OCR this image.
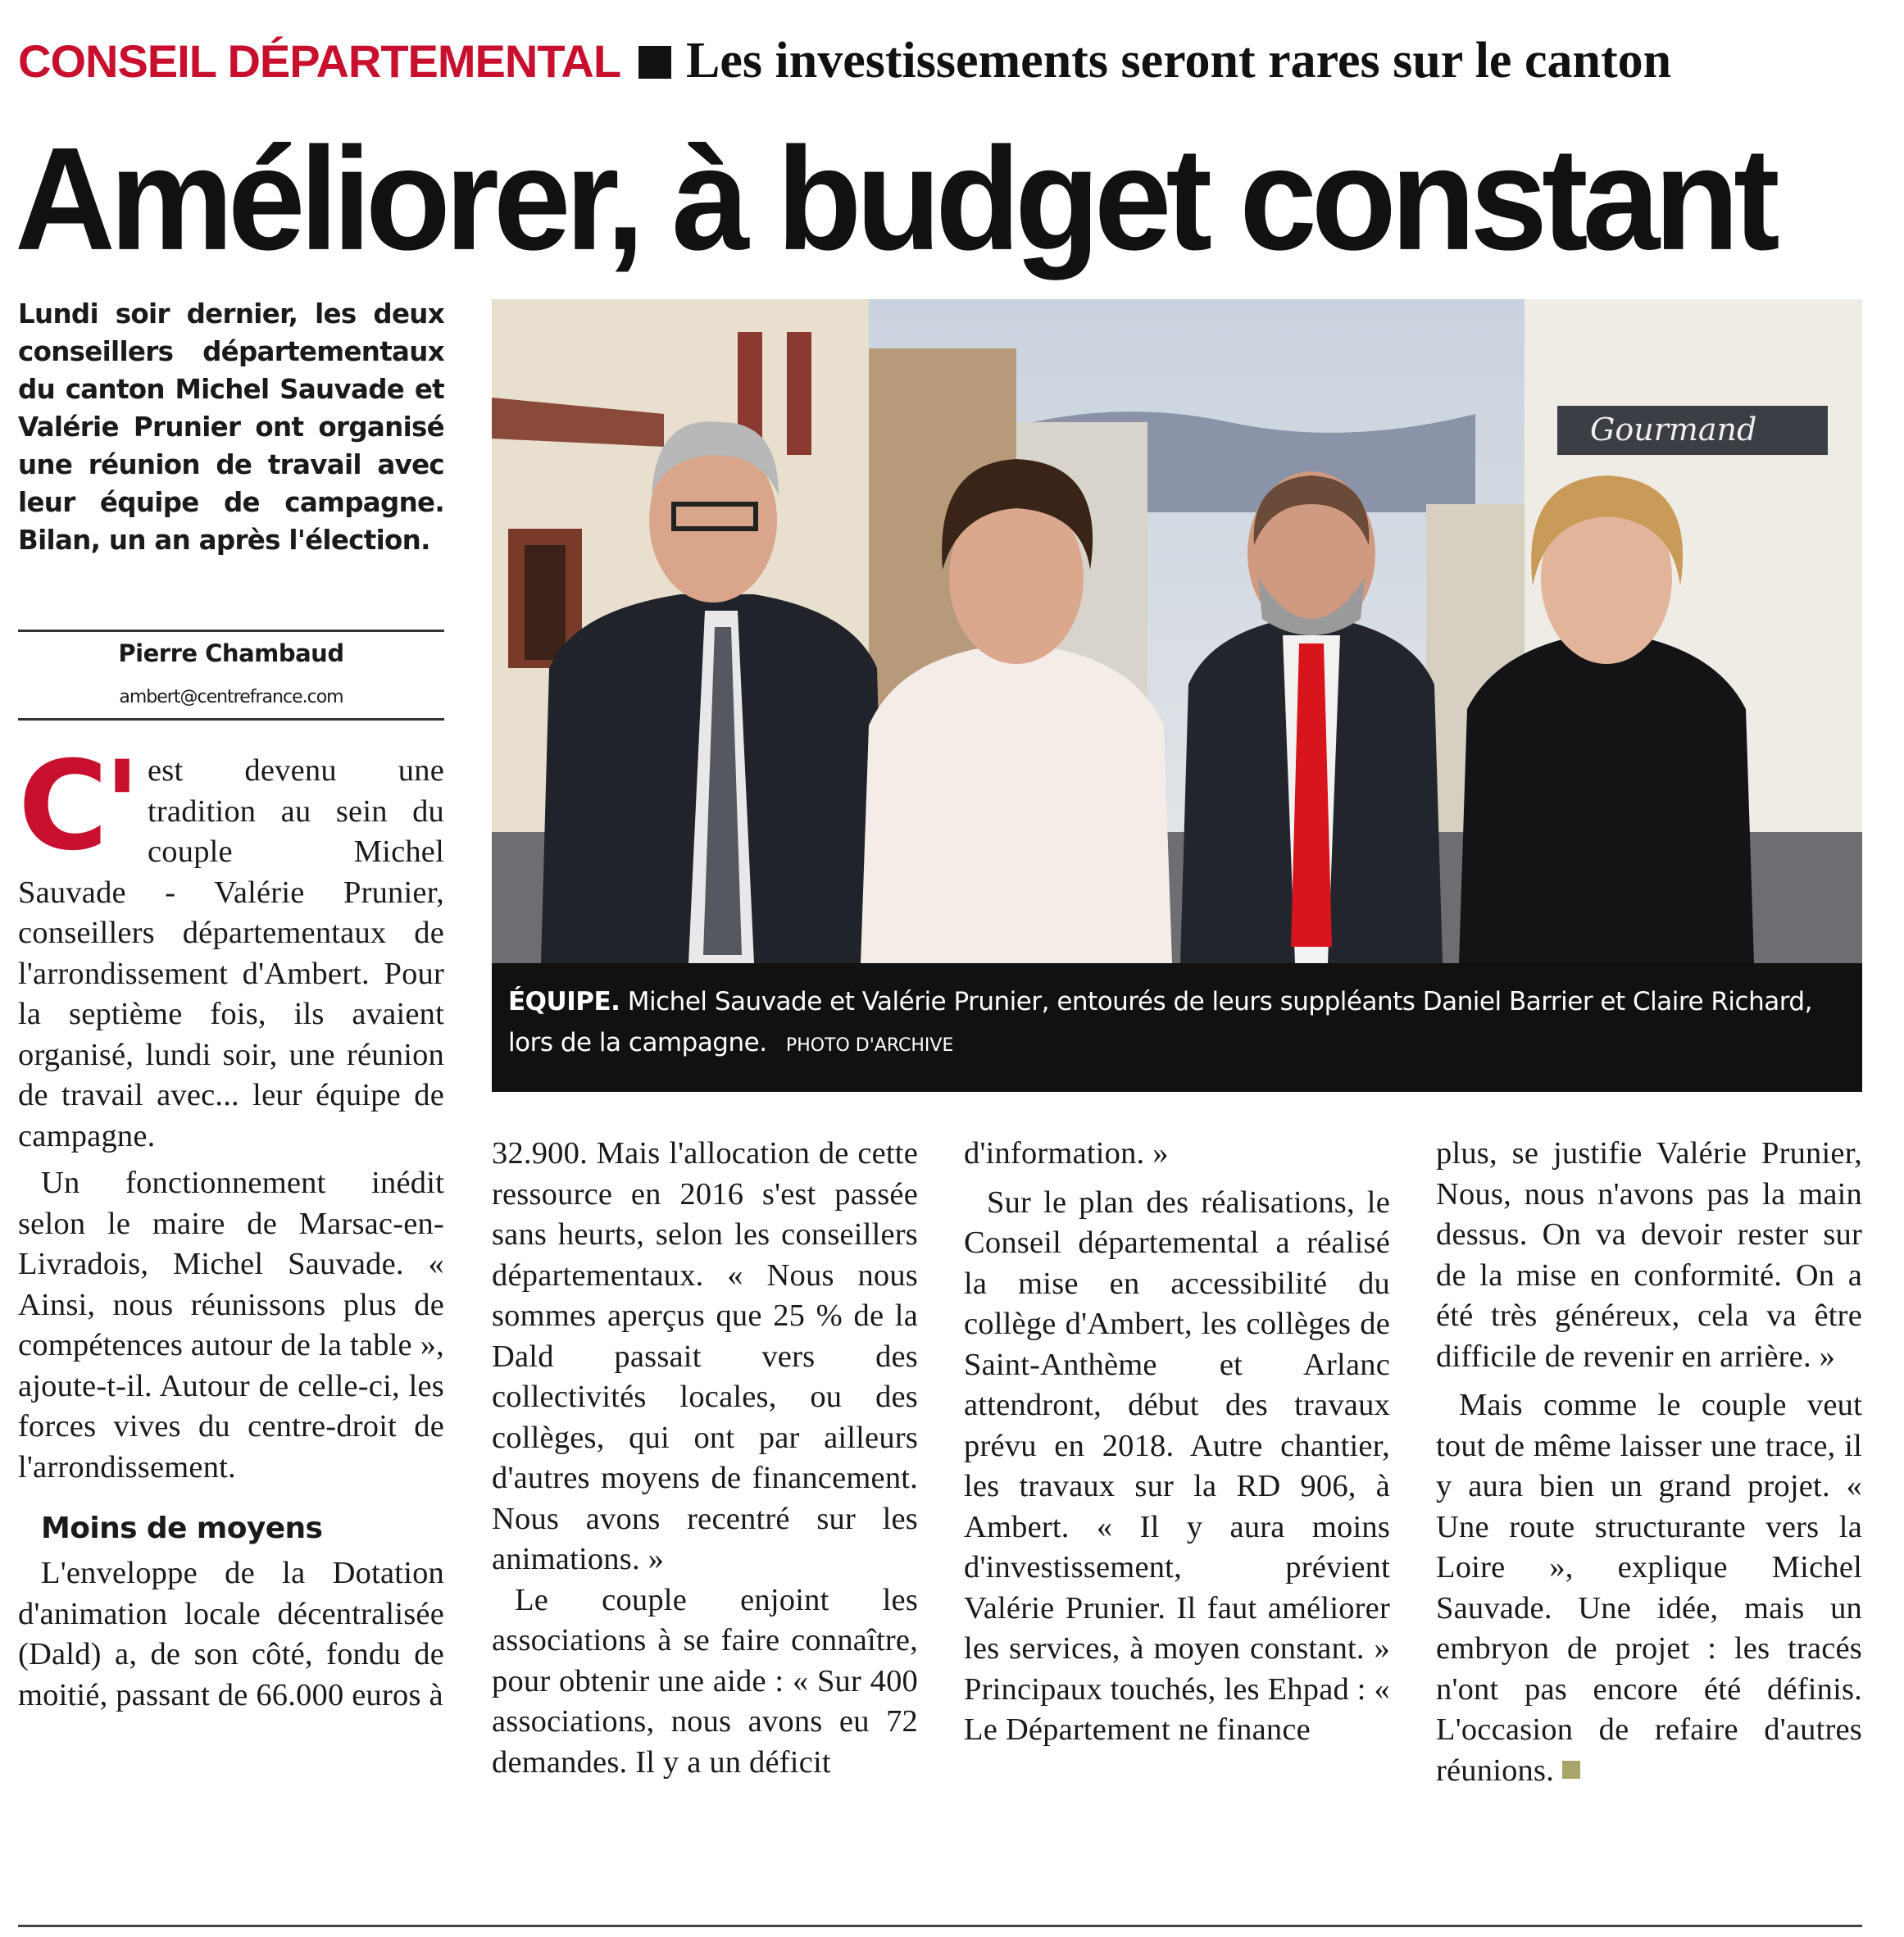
CONSEIL DÉPARTEMENTAL Les investissements seront rares sur le canton
Améliorer, à budget constant

Lundi soir dernier, les deux conseillers départementaux du canton Michel Sauvade et Valérie Prunier ont organisé une réunion de travail avec leur équipe de campagne. Bilan, un an après l'élection.

Pierre Chambaud
ambert@centrefrance.com
Gourmand
ÉQUIPE. Michel Sauvade et Valérie Prunier, entourés de leurs suppléants Daniel Barrier et Claire Richard, lors de la campagne. PHOTO D'ARCHIVE

C' est devenu une tradition au sein du couple Michel Sauvade - Valérie Prunier, conseillers départementaux de l'arrondissement d'Ambert. Pour la septième fois, ils avaient organisé, lundi soir, une réunion de travail avec... leur équipe de campagne.

Un fonctionnement inédit selon le maire de Marsac-en-Livradois, Michel Sauvade. « Ainsi, nous réunissons plus de compétences autour de la table », ajoute-t-il. Autour de celle-ci, les forces vives du centre-droit de l'arrondissement.

Moins de moyens

L'enveloppe de la Dotation d'animation locale décentralisée (Dald) a, de son côté, fondu de moitié, passant de 66.000 euros à

32.900. Mais l'allocation de cette ressource en 2016 s'est passée sans heurts, selon les conseillers départementaux. « Nous nous sommes aperçus que 25 % de la Dald passait vers des collectivités locales, ou des collèges, qui ont par ailleurs d'autres moyens de financement. Nous avons recentré sur les animations. »

Le couple enjoint les associations à se faire connaître, pour obtenir une aide : « Sur 400 associations, nous avons eu 72 demandes. Il y a un déficit

d'information. »

Sur le plan des réalisations, le Conseil départemental a réalisé la mise en accessibilité du collège d'Ambert, les collèges de Saint-Anthème et Arlanc attendront, début des travaux prévu en 2018. Autre chantier, les travaux sur la RD 906, à Ambert. « Il y aura moins d'investissement, prévient Valérie Prunier. Il faut améliorer les services, à moyen constant. » Principaux touchés, les Ehpad : « Le Département ne finance

plus, se justifie Valérie Prunier, Nous, nous n'avons pas la main dessus. On va devoir rester sur de la mise en conformité. On a été très généreux, cela va être difficile de revenir en arrière. »

Mais comme le couple veut tout de même laisser une trace, il y aura bien un grand projet. « Une route structurante vers la Loire », explique Michel Sauvade. Une idée, mais un embryon de projet : les tracés n'ont pas encore été définis. L'occasion de refaire d'autres réunions.
